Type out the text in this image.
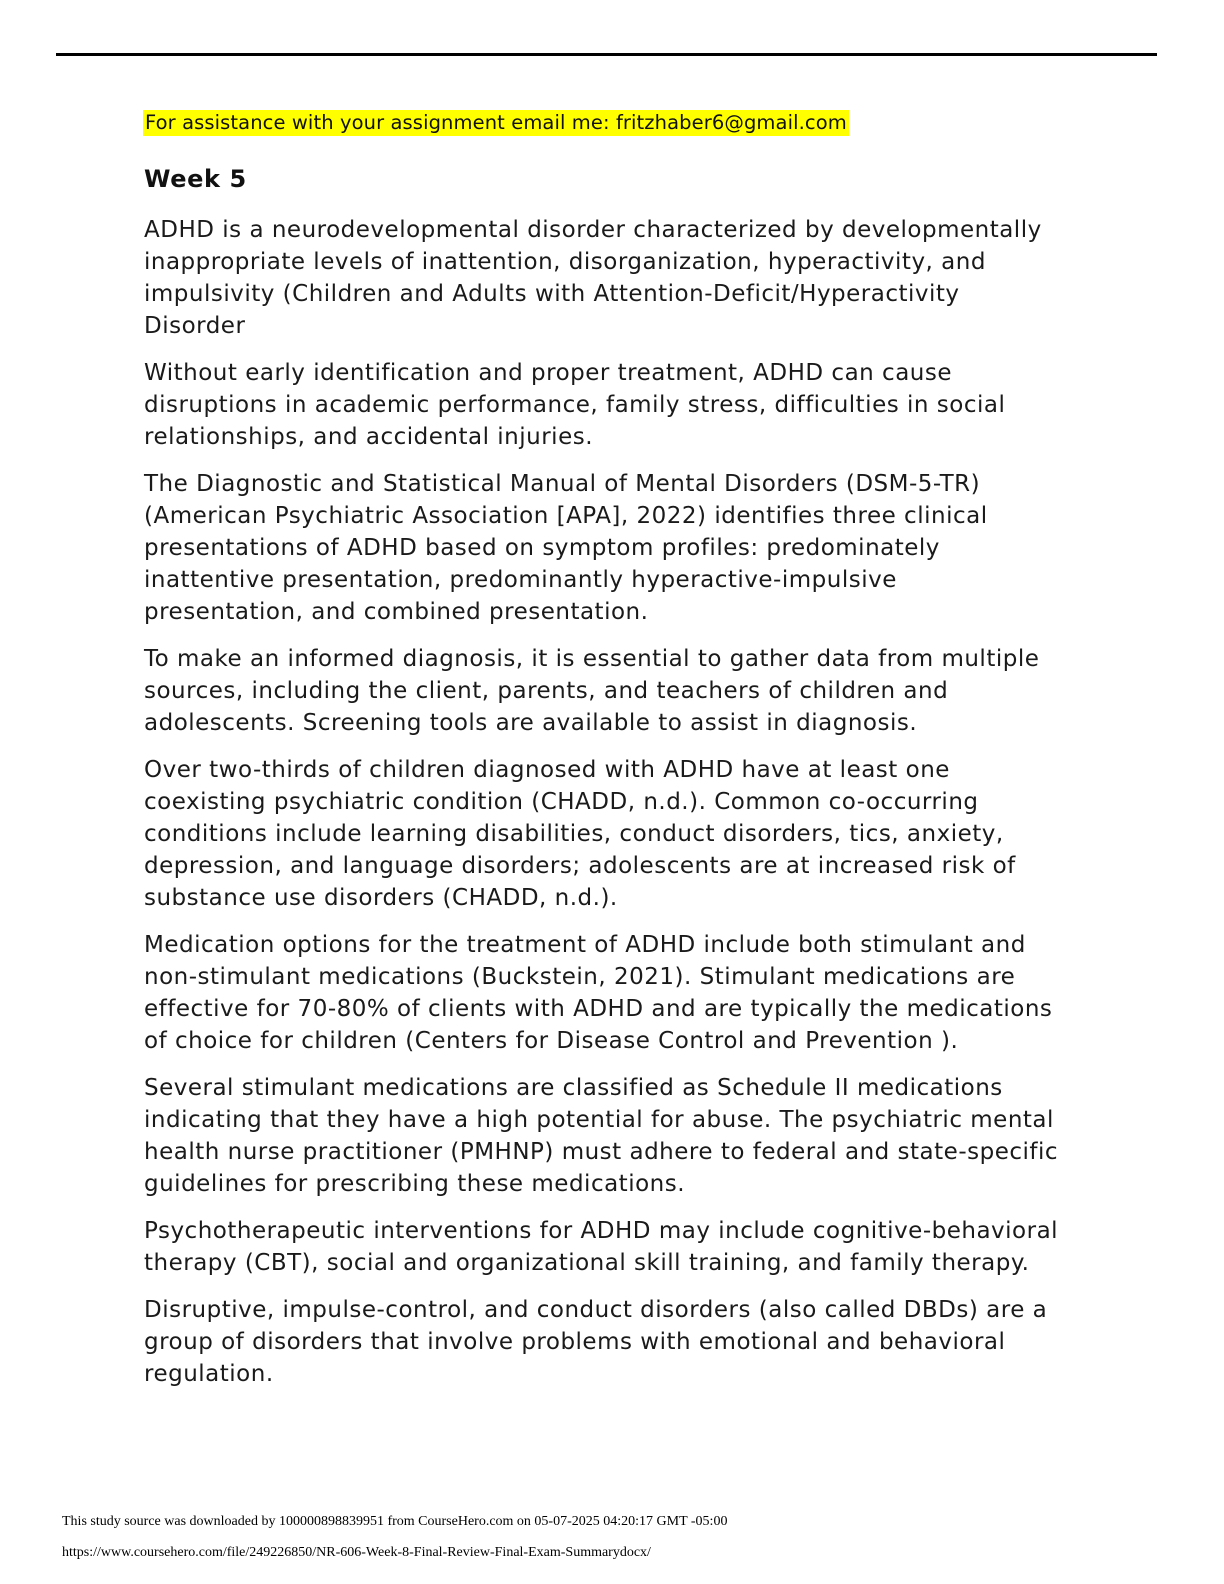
For assistance with your assignment email me: fritzhaber6@gmail.com
Week 5

ADHD is a neurodevelopmental disorder characterized by developmentally inappropriate levels of inattention, disorganization, hyperactivity, and impulsivity (Children and Adults with Attention-Deficit/Hyperactivity Disorder

Without early identification and proper treatment, ADHD can cause disruptions in academic performance, family stress, difficulties in social relationships, and accidental injuries.

The Diagnostic and Statistical Manual of Mental Disorders (DSM-5-TR) (American Psychiatric Association [APA], 2022) identifies three clinical presentations of ADHD based on symptom profiles: predominately inattentive presentation, predominantly hyperactive-impulsive presentation, and combined presentation.

To make an informed diagnosis, it is essential to gather data from multiple sources, including the client, parents, and teachers of children and adolescents. Screening tools are available to assist in diagnosis.

Over two-thirds of children diagnosed with ADHD have at least one coexisting psychiatric condition (CHADD, n.d.). Common co-occurring conditions include learning disabilities, conduct disorders, tics, anxiety, depression, and language disorders; adolescents are at increased risk of substance use disorders (CHADD, n.d.).

Medication options for the treatment of ADHD include both stimulant and non-stimulant medications (Buckstein, 2021). Stimulant medications are effective for 70-80% of clients with ADHD and are typically the medications of choice for children (Centers for Disease Control and Prevention ).

Several stimulant medications are classified as Schedule II medications indicating that they have a high potential for abuse. The psychiatric mental health nurse practitioner (PMHNP) must adhere to federal and state-specific guidelines for prescribing these medications.

Psychotherapeutic interventions for ADHD may include cognitive-behavioral therapy (CBT), social and organizational skill training, and family therapy.

Disruptive, impulse-control, and conduct disorders (also called DBDs) are a group of disorders that involve problems with emotional and behavioral regulation.

This study source was downloaded by 100000898839951 from CourseHero.com on 05-07-2025 04:20:17 GMT -05:00
https://www.coursehero.com/file/249226850/NR-606-Week-8-Final-Review-Final-Exam-Summarydocx/
